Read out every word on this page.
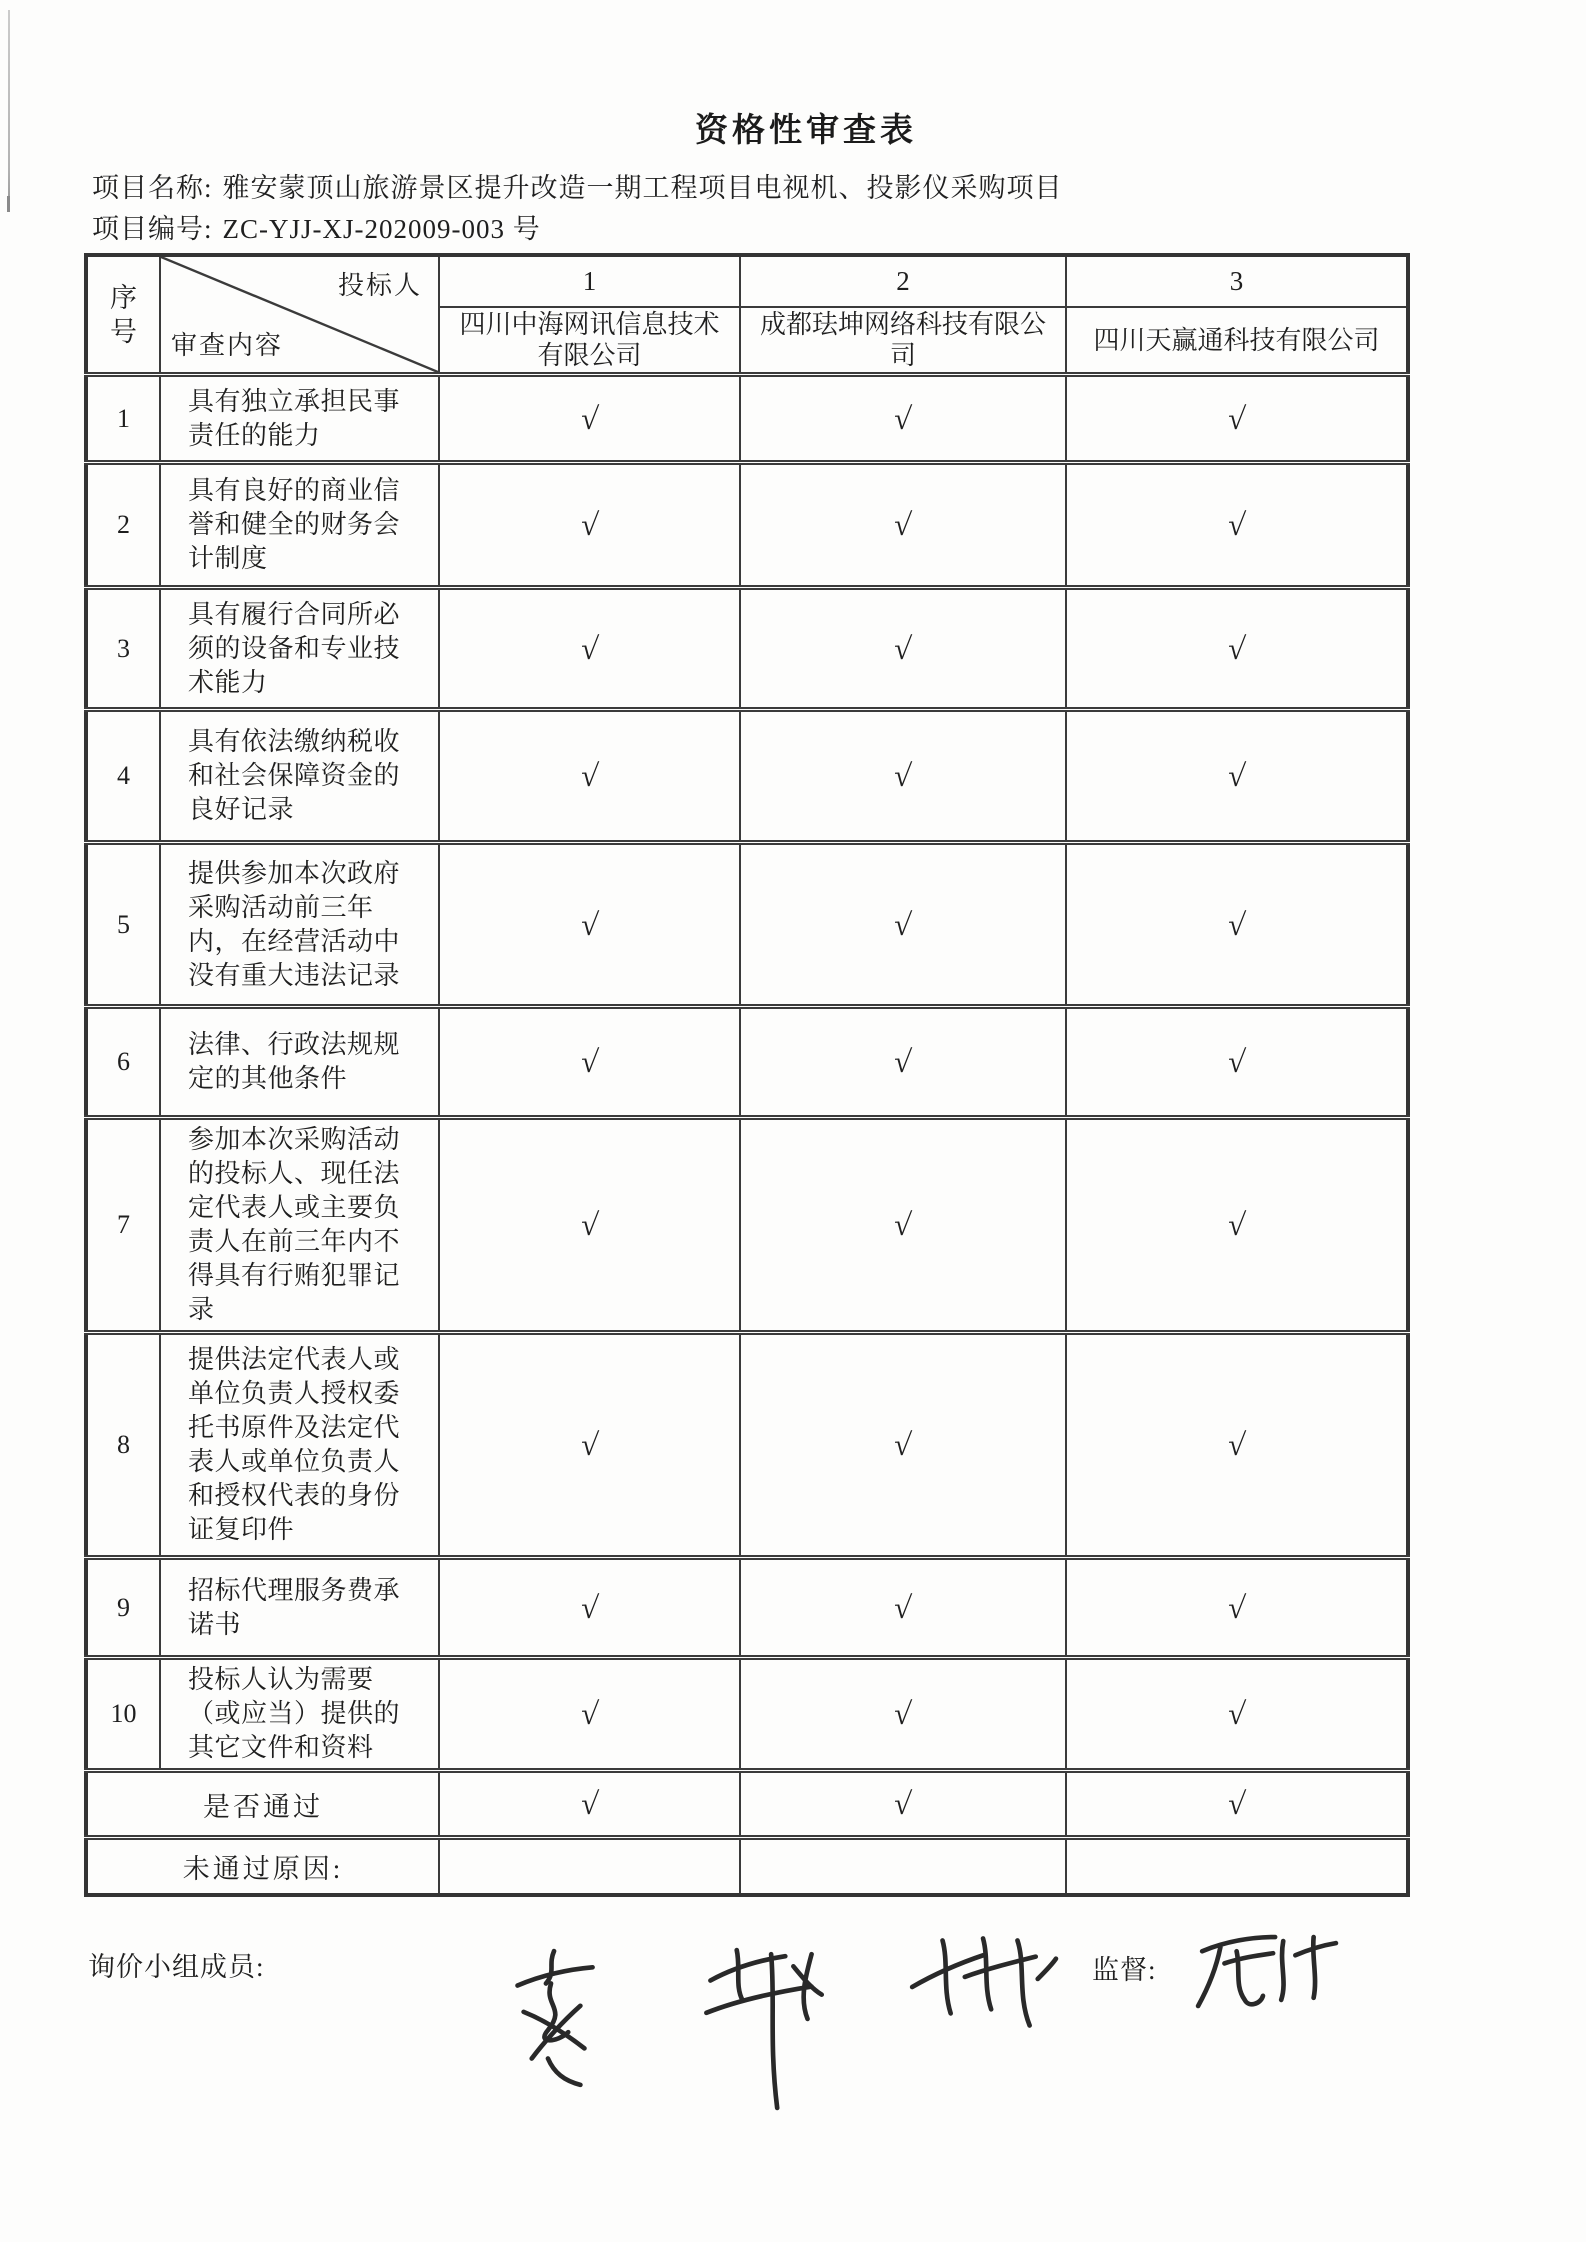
资格性审查表
项目名称: 雅安蒙顶山旅游景区提升改造一期工程项目电视机、投影仪采购项目
项目编号: ZC-YJJ-XJ-202009-003 号
序号	投标人
审查内容	1	2	3
		四川中海网讯信息技术有限公司	成都珐坤网络科技有限公司	四川天赢通科技有限公司
1	具有独立承担民事责任的能力	√	√	√
2	具有良好的商业信誉和健全的财务会计制度	√	√	√
3	具有履行合同所必须的设备和专业技术能力	√	√	√
4	具有依法缴纳税收和社会保障资金的良好记录	√	√	√
5	提供参加本次政府采购活动前三年内，在经营活动中没有重大违法记录	√	√	√
6	法律、行政法规规定的其他条件	√	√	√
7	参加本次采购活动的投标人、现任法定代表人或主要负责人在前三年内不得具有行贿犯罪记录	√	√	√
8	提供法定代表人或单位负责人授权委托书原件及法定代表人或单位负责人和授权代表的身份证复印件	√	√	√
9	招标代理服务费承诺书	√	√	√
10	投标人认为需要（或应当）提供的其它文件和资料	√	√	√
是否通过		√	√	√
未通过原因:				
询价小组成员:	监督:
